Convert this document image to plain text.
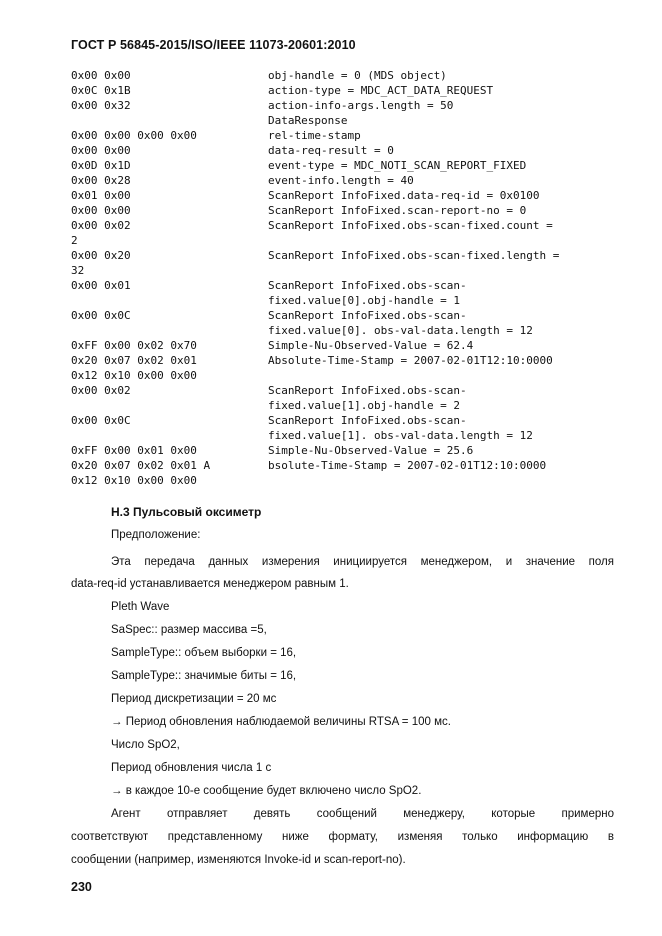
ГОСТ Р 56845-2015/ISO/IEEE 11073-20601:2010
0x00 0x00	obj-handle = 0 (MDS object)
0x0C 0x1B	action-type = MDC_ACT_DATA_REQUEST
0x00 0x32	action-info-args.length = 50
DataResponse
0x00 0x00 0x00 0x00	rel-time-stamp
0x00 0x00	data-req-result = 0
0x0D 0x1D	event-type = MDC_NOTI_SCAN_REPORT_FIXED
0x00 0x28	event-info.length = 40
0x01 0x00	ScanReport InfoFixed.data-req-id = 0x0100
0x00 0x00	ScanReport InfoFixed.scan-report-no = 0
0x00 0x02	ScanReport InfoFixed.obs-scan-fixed.count =
2
0x00 0x20	ScanReport InfoFixed.obs-scan-fixed.length =
32
0x00 0x01	ScanReport InfoFixed.obs-scan-
fixed.value[0].obj-handle = 1
0x00 0x0C	ScanReport InfoFixed.obs-scan-
fixed.value[0]. obs-val-data.length = 12
0xFF 0x00 0x02 0x70	Simple-Nu-Observed-Value = 62.4
0x20 0x07 0x02 0x01	Absolute-Time-Stamp = 2007-02-01T12:10:0000
0x12 0x10 0x00 0x00
0x00 0x02	ScanReport InfoFixed.obs-scan-
fixed.value[1].obj-handle = 2
0x00 0x0C	ScanReport InfoFixed.obs-scan-
fixed.value[1]. obs-val-data.length = 12
0xFF 0x00 0x01 0x00	Simple-Nu-Observed-Value = 25.6
0x20 0x07 0x02 0x01 A	bsolute-Time-Stamp = 2007-02-01T12:10:0000
0x12 0x10 0x00 0x00
H.3 Пульсовый оксиметр
Предположение:
Эта передача данных измерения инициируется менеджером, и значение поля
data-req-id устанавливается менеджером равным 1.
Pleth Wave
SaSpec:: размер массива =5,
SampleType:: объем выборки = 16,
SampleType:: значимые биты = 16,
Период дискретизации = 20 мс
→ Период обновления наблюдаемой величины RTSA = 100 мс.
Число SpO2,
Период обновления числа 1 с
→ в каждое 10-е сообщение будет включено число SpO2.
Агент отправляет девять сообщений менеджеру, которые примерно
соответствуют представленному ниже формату, изменяя только информацию в
сообщении (например, изменяются Invoke-id и scan-report-no).
230
